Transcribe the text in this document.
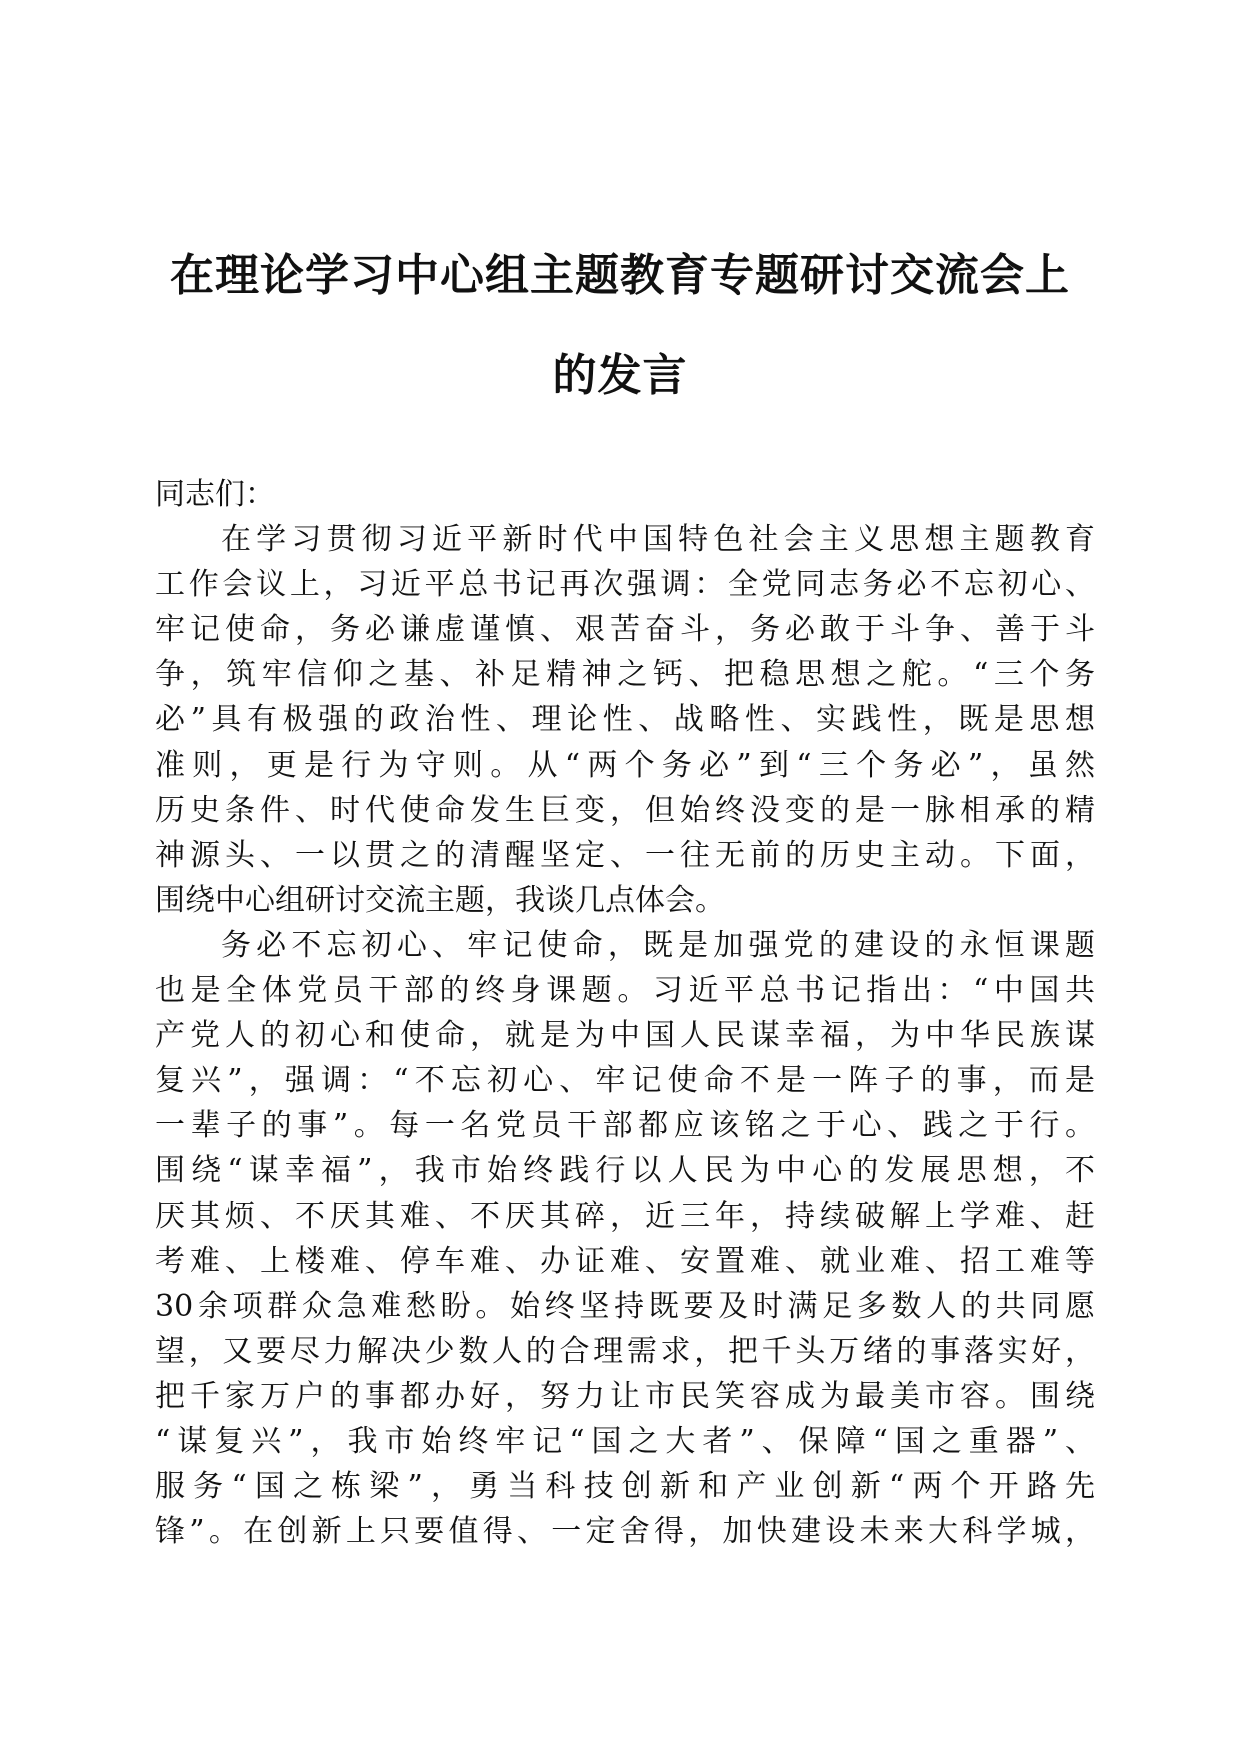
在理论学习中心组主题教育专题研讨交流会上
的发言

同志们：

在学习贯彻习近平新时代中国特色社会主义思想主题教育
工作会议上，习近平总书记再次强调：全党同志务必不忘初心、
牢记使命，务必谦虚谨慎、艰苦奋斗，务必敢于斗争、善于斗
争，筑牢信仰之基、补足精神之钙、把稳思想之舵。“三个务
必”具有极强的政治性、理论性、战略性、实践性，既是思想
准则，更是行为守则。从“两个务必”到“三个务必”，虽然
历史条件、时代使命发生巨变，但始终没变的是一脉相承的精
神源头、一以贯之的清醒坚定、一往无前的历史主动。下面，
围绕中心组研讨交流主题，我谈几点体会。

务必不忘初心、牢记使命，既是加强党的建设的永恒课题
也是全体党员干部的终身课题。习近平总书记指出：“中国共
产党人的初心和使命，就是为中国人民谋幸福，为中华民族谋
复兴”，强调：“不忘初心、牢记使命不是一阵子的事，而是
一辈子的事”。每一名党员干部都应该铭之于心、践之于行。
围绕“谋幸福”，我市始终践行以人民为中心的发展思想，不
厌其烦、不厌其难、不厌其碎，近三年，持续破解上学难、赶
考难、上楼难、停车难、办证难、安置难、就业难、招工难等
30余项群众急难愁盼。始终坚持既要及时满足多数人的共同愿
望，又要尽力解决少数人的合理需求，把千头万绪的事落实好，
把千家万户的事都办好，努力让市民笑容成为最美市容。围绕
“谋复兴”，我市始终牢记“国之大者”、保障“国之重器”、
服务“国之栋梁”，勇当科技创新和产业创新“两个开路先
锋”。在创新上只要值得、一定舍得，加快建设未来大科学城，
